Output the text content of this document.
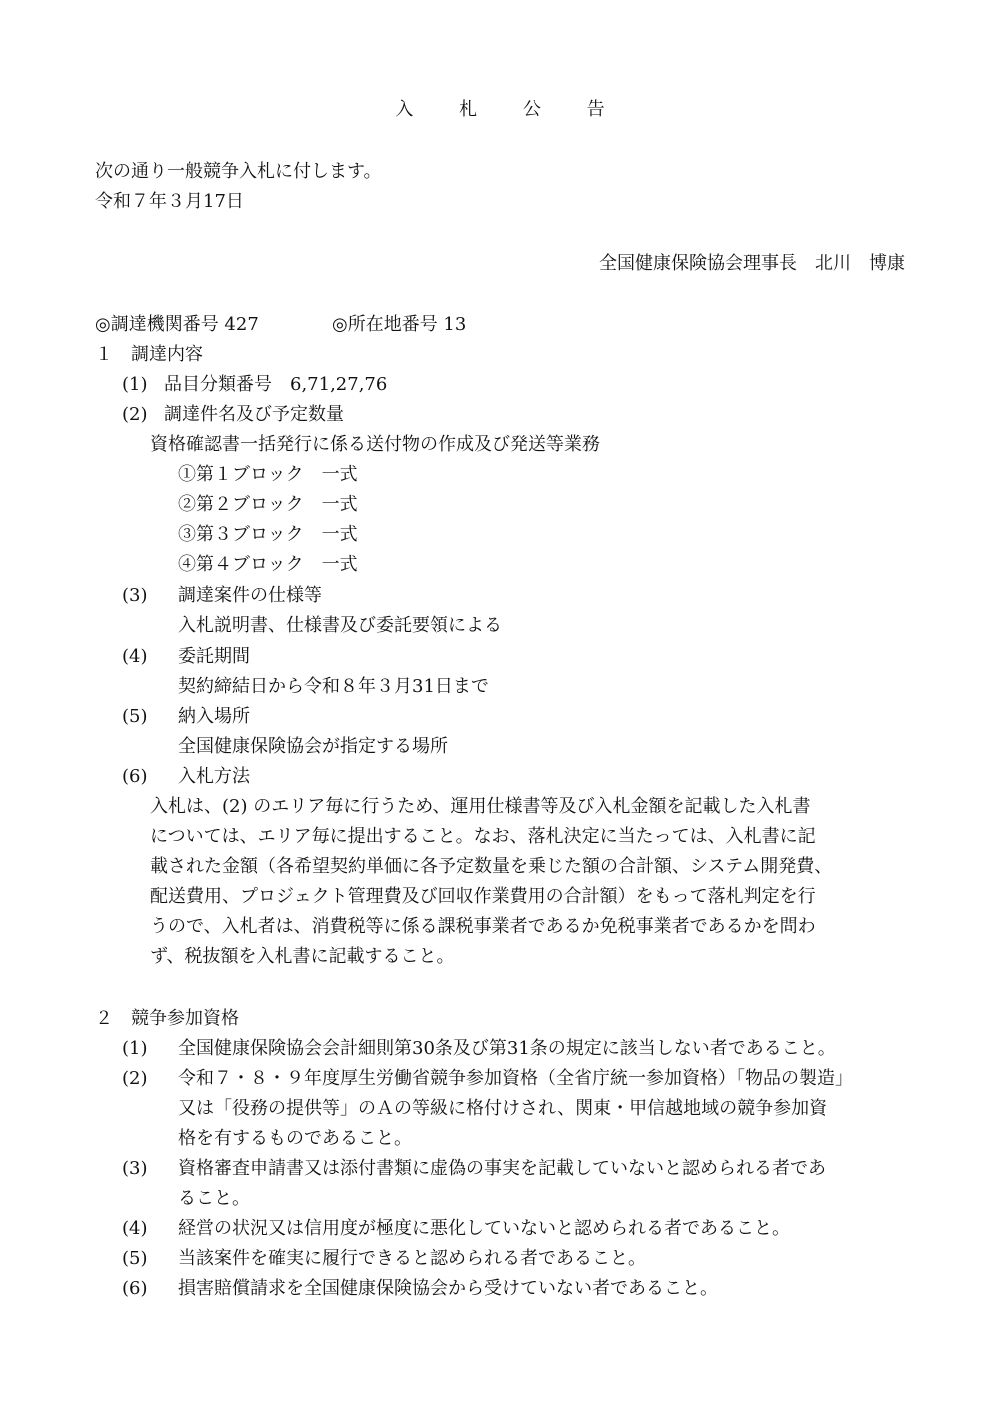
入 札 公 告
次の通り一般競争入札に付します。
令和７年３月17日
全国健康保険協会理事長　北川　博康
◎調達機関番号 427	◎所在地番号 13
１　調達内容
(1) 品目分類番号　6,71,27,76
(2) 調達件名及び予定数量
資格確認書一括発行に係る送付物の作成及び発送等業務
①第１ブロック　一式
②第２ブロック　一式
③第３ブロック　一式
④第４ブロック　一式
(3) 調達案件の仕様等
入札説明書、仕様書及び委託要領による
(4) 委託期間
契約締結日から令和８年３月31日まで
(5) 納入場所
全国健康保険協会が指定する場所
(6) 入札方法
入札は、(2) のエリア毎に行うため、運用仕様書等及び入札金額を記載した入札書
については、エリア毎に提出すること。なお、落札決定に当たっては、入札書に記
載された金額（各希望契約単価に各予定数量を乗じた額の合計額、システム開発費、
配送費用、プロジェクト管理費及び回収作業費用の合計額）をもって落札判定を行
うので、入札者は、消費税等に係る課税事業者であるか免税事業者であるかを問わ
ず、税抜額を入札書に記載すること。
２　競争参加資格
(1) 全国健康保険協会会計細則第30条及び第31条の規定に該当しない者であること。
(2) 令和７・８・９年度厚生労働省競争参加資格（全省庁統一参加資格）「物品の製造」
又は「役務の提供等」のＡの等級に格付けされ、関東・甲信越地域の競争参加資
格を有するものであること。
(3) 資格審査申請書又は添付書類に虚偽の事実を記載していないと認められる者であ
ること。
(4) 経営の状況又は信用度が極度に悪化していないと認められる者であること。
(5) 当該案件を確実に履行できると認められる者であること。
(6) 損害賠償請求を全国健康保険協会から受けていない者であること。
